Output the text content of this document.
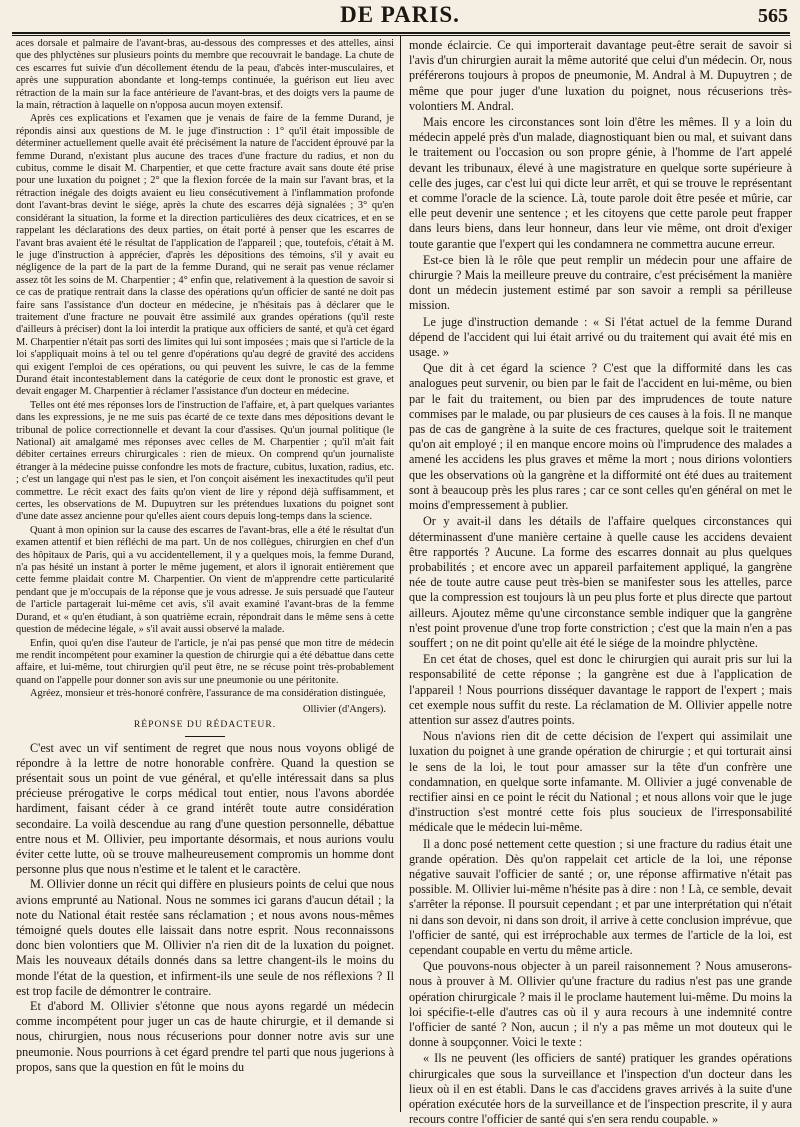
DE PARIS.	565

aces dorsale et palmaire de l'avant-bras, au-dessous des compresses et des attelles, ainsi que des phlyctènes sur plusieurs points du membre que recouvrait le bandage. La chute de ces escarres fut suivie d'un décollement étendu de la peau, d'abcès inter-musculaires, et après une suppuration abondante et long-temps continuée, la guérison eut lieu avec rétraction de la main sur la face antérieure de l'avant-bras, et des doigts vers la paume de la main, rétraction à laquelle on n'opposa aucun moyen extensif.

Après ces explications et l'examen que je venais de faire de la femme Durand, je répondis ainsi aux questions de M. le juge d'instruction : 1° qu'il était impossible de déterminer actuellement quelle avait été précisément la nature de l'accident éprouvé par la femme Durand, n'existant plus aucune des traces d'une fracture du radius, et non du cubitus, comme le disait M. Charpentier, et que cette fracture avait sans doute été prise pour une luxation du poignet ; 2° que la flexion forcée de la main sur l'avant bras, et la rétraction inégale des doigts avaient eu lieu consécutivement à l'inflammation profonde dont l'avant-bras devint le siége, après la chute des escarres déjà signalées ; 3° qu'en considérant la situation, la forme et la direction particulières des deux cicatrices, et en se rappelant les déclarations des deux parties, on était porté à penser que les escarres de l'avant bras avaient été le résultat de l'application de l'appareil ; que, toutefois, c'était à M. le juge d'instruction à apprécier, d'après les dépositions des témoins, s'il y avait eu négligence de la part de la part de la femme Durand, qui ne serait pas venue réclamer assez tôt les soins de M. Charpentier ; 4° enfin que, relativement à la question de savoir si ce cas de pratique rentrait dans la classe des opérations qu'un officier de santé ne doit pas faire sans l'assistance d'un docteur en médecine, je n'hésitais pas à déclarer que le traitement d'une fracture ne pouvait être assimilé aux grandes opérations (qu'il reste d'ailleurs à préciser) dont la loi interdit la pratique aux officiers de santé, et qu'à cet égard M. Charpentier n'était pas sorti des limites qui lui sont imposées ; mais que si l'article de la loi s'appliquait moins à tel ou tel genre d'opérations qu'au degré de gravité des accidens qui exigent l'emploi de ces opérations, ou qui peuvent les suivre, le cas de la femme Durand était incontestablement dans la catégorie de ceux dont le pronostic est grave, et devait engager M. Charpentier à réclamer l'assistance d'un docteur en médecine.

Telles ont été mes réponses lors de l'instruction de l'affaire, et, à part quelques variantes dans les expressions, je ne me suis pas écarté de ce texte dans mes dépositions devant le tribunal de police correctionnelle et devant la cour d'assises. Qu'un journal politique (le National) ait amalgamé mes réponses avec celles de M. Charpentier ; qu'il m'ait fait débiter certaines erreurs chirurgicales : rien de mieux. On comprend qu'un journaliste étranger à la médecine puisse confondre les mots de fracture, cubitus, luxation, radius, etc. ; c'est un langage qui n'est pas le sien, et l'on conçoit aisément les inexactitudes qu'il peut commettre. Le récit exact des faits qu'on vient de lire y répond déjà suffisamment, et certes, les observations de M. Dupuytren sur les prétendues luxations du poignet sont d'une date assez ancienne pour qu'elles aient cours depuis long-temps dans la science.

Quant à mon opinion sur la cause des escarres de l'avant-bras, elle a été le résultat d'un examen attentif et bien réfléchi de ma part. Un de nos collègues, chirurgien en chef d'un des hôpitaux de Paris, qui a vu accidentellement, il y a quelques mois, la femme Durand, n'a pas hésité un instant à porter le même jugement, et alors il ignorait entièrement que cette femme plaidait contre M. Charpentier. On vient de m'apprendre cette particularité pendant que je m'occupais de la réponse que je vous adresse. Je suis persuadé que l'auteur de l'article partagerait lui-même cet avis, s'il avait examiné l'avant-bras de la femme Durand, et « qu'en étudiant, à son quatrième ecrain, répondrait dans le même sens à cette question de médecine légale, » s'il avait aussi observé la malade.

Enfin, quoi qu'en dise l'auteur de l'article, je n'ai pas pensé que mon titre de médecin me rendit incompétent pour examiner la question de chirurgie qui a été débattue dans cette affaire, et lui-même, tout chirurgien qu'il peut être, ne se récuse point très-probablement quand on l'appelle pour donner son avis sur une pneumonie ou une péritonite.

Agréez, monsieur et très-honoré confrère, l'assurance de ma considération distinguée,

Ollivier (d'Angers).
RÉPONSE DU RÉDACTEUR.

C'est avec un vif sentiment de regret que nous nous voyons obligé de répondre à la lettre de notre honorable confrère. Quand la question se présentait sous un point de vue général, et qu'elle intéressait dans sa plus précieuse prérogative le corps médical tout entier, nous l'avons abordée hardiment, faisant céder à ce grand intérêt toute autre considération secondaire. La voilà descendue au rang d'une question personnelle, débattue entre nous et M. Ollivier, peu importante désormais, et nous aurions voulu éviter cette lutte, où se trouve malheureusement compromis un homme dont personne plus que nous n'estime et le talent et le caractère.

M. Ollivier donne un récit qui diffère en plusieurs points de celui que nous avions emprunté au National. Nous ne sommes ici garans d'aucun détail ; la note du National était restée sans réclamation ; et nous avons nous-mêmes témoigné quels doutes elle laissait dans notre esprit. Nous reconnaissons donc bien volontiers que M. Ollivier n'a rien dit de la luxation du poignet. Mais les nouveaux détails donnés dans sa lettre changent-ils le moins du monde l'état de la question, et infirment-ils une seule de nos réflexions ? Il est trop facile de démontrer le contraire.

Et d'abord M. Ollivier s'étonne que nous ayons regardé un médecin comme incompétent pour juger un cas de haute chirurgie, et il demande si nous, chirurgien, nous nous récuserions pour donner notre avis sur une pneumonie. Nous pourrions à cet égard prendre tel parti que nous jugerions à propos, sans que la question en fût le moins du

monde éclaircie. Ce qui importerait davantage peut-être serait de savoir si l'avis d'un chirurgien aurait la même autorité que celui d'un médecin. Or, nous préférerons toujours à propos de pneumonie, M. Andral à M. Dupuytren ; de même que pour juger d'une luxation du poignet, nous récuserions très-volontiers M. Andral.

Mais encore les circonstances sont loin d'être les mêmes. Il y a loin du médecin appelé près d'un malade, diagnostiquant bien ou mal, et suivant dans le traitement ou l'occasion ou son propre génie, à l'homme de l'art appelé devant les tribunaux, élevé à une magistrature en quelque sorte supérieure à celle des juges, car c'est lui qui dicte leur arrêt, et qui se trouve le représentant et comme l'oracle de la science. Là, toute parole doit être pesée et mûrie, car elle peut devenir une sentence ; et les citoyens que cette parole peut frapper dans leurs biens, dans leur honneur, dans leur vie même, ont droit d'exiger toute garantie que l'expert qui les condamnera ne commettra aucune erreur.

Est-ce bien là le rôle que peut remplir un médecin pour une affaire de chirurgie ? Mais la meilleure preuve du contraire, c'est précisément la manière dont un médecin justement estimé par son savoir a rempli sa périlleuse mission.

Le juge d'instruction demande : « Si l'état actuel de la femme Durand dépend de l'accident qui lui était arrivé ou du traitement qui avait été mis en usage. »

Que dit à cet égard la science ? C'est que la difformité dans les cas analogues peut survenir, ou bien par le fait de l'accident en lui-même, ou bien par le fait du traitement, ou bien par des imprudences de toute nature commises par le malade, ou par plusieurs de ces causes à la fois. Il ne manque pas de cas de gangrène à la suite de ces fractures, quelque soit le traitement qu'on ait employé ; il en manque encore moins où l'imprudence des malades a amené les accidens les plus graves et même la mort ; nous dirions volontiers que les observations où la gangrène et la difformité ont été dues au traitement sont à beaucoup près les plus rares ; car ce sont celles qu'en général on met le moins d'empressement à publier.

Or y avait-il dans les détails de l'affaire quelques circonstances qui déterminassent d'une manière certaine à quelle cause les accidens devaient être rapportés ? Aucune. La forme des escarres donnait au plus quelques probabilités ; et encore avec un appareil parfaitement appliqué, la gangrène née de toute autre cause peut très-bien se manifester sous les attelles, parce que la compression est toujours là un peu plus forte et plus directe que partout ailleurs. Ajoutez même qu'une circonstance semble indiquer que la gangrène n'est point provenue d'une trop forte constriction ; c'est que la main n'en a pas souffert ; on ne dit point qu'elle ait été le siége de la moindre phlyctène.

En cet état de choses, quel est donc le chirurgien qui aurait pris sur lui la responsabilité de cette réponse ; la gangrène est due à l'application de l'appareil ! Nous pourrions disséquer davantage le rapport de l'expert ; mais cet exemple nous suffit du reste. La réclamation de M. Ollivier appelle notre attention sur assez d'autres points.

Nous n'avions rien dit de cette décision de l'expert qui assimilait une luxation du poignet à une grande opération de chirurgie ; et qui torturait ainsi le sens de la loi, le tout pour amasser sur la tête d'un confrère une condamnation, en quelque sorte infamante. M. Ollivier a jugé convenable de rectifier ainsi en ce point le récit du National ; et nous allons voir que le juge d'instruction s'est montré cette fois plus soucieux de l'irresponsabilité médicale que le médecin lui-même.

Il a donc posé nettement cette question ; si une fracture du radius était une grande opération. Dès qu'on rappelait cet article de la loi, une réponse négative sauvait l'officier de santé ; or, une réponse affirmative n'était pas possible. M. Ollivier lui-même n'hésite pas à dire : non ! Là, ce semble, devait s'arrêter la réponse. Il poursuit cependant ; et par une interprétation qui n'était ni dans son devoir, ni dans son droit, il arrive à cette conclusion imprévue, que l'officier de santé, qui est irréprochable aux termes de l'article de la loi, est cependant coupable en vertu du même article.

Que pouvons-nous objecter à un pareil raisonnement ? Nous amuserons-nous à prouver à M. Ollivier qu'une fracture du radius n'est pas une grande opération chirurgicale ? mais il le proclame hautement lui-même. Du moins la loi spécifie-t-elle d'autres cas où il y aura recours à une indemnité contre l'officier de santé ? Non, aucun ; il n'y a pas même un mot douteux qui le donne à soupçonner. Voici le texte :

« Ils ne peuvent (les officiers de santé) pratiquer les grandes opérations chirurgicales que sous la surveillance et l'inspection d'un docteur dans les lieux où il en est établi. Dans le cas d'accidens graves arrivés à la suite d'une opération exécutée hors de la surveillance et de l'inspection prescrite, il y aura recours contre l'officier de santé qui s'en sera rendu coupable. »
